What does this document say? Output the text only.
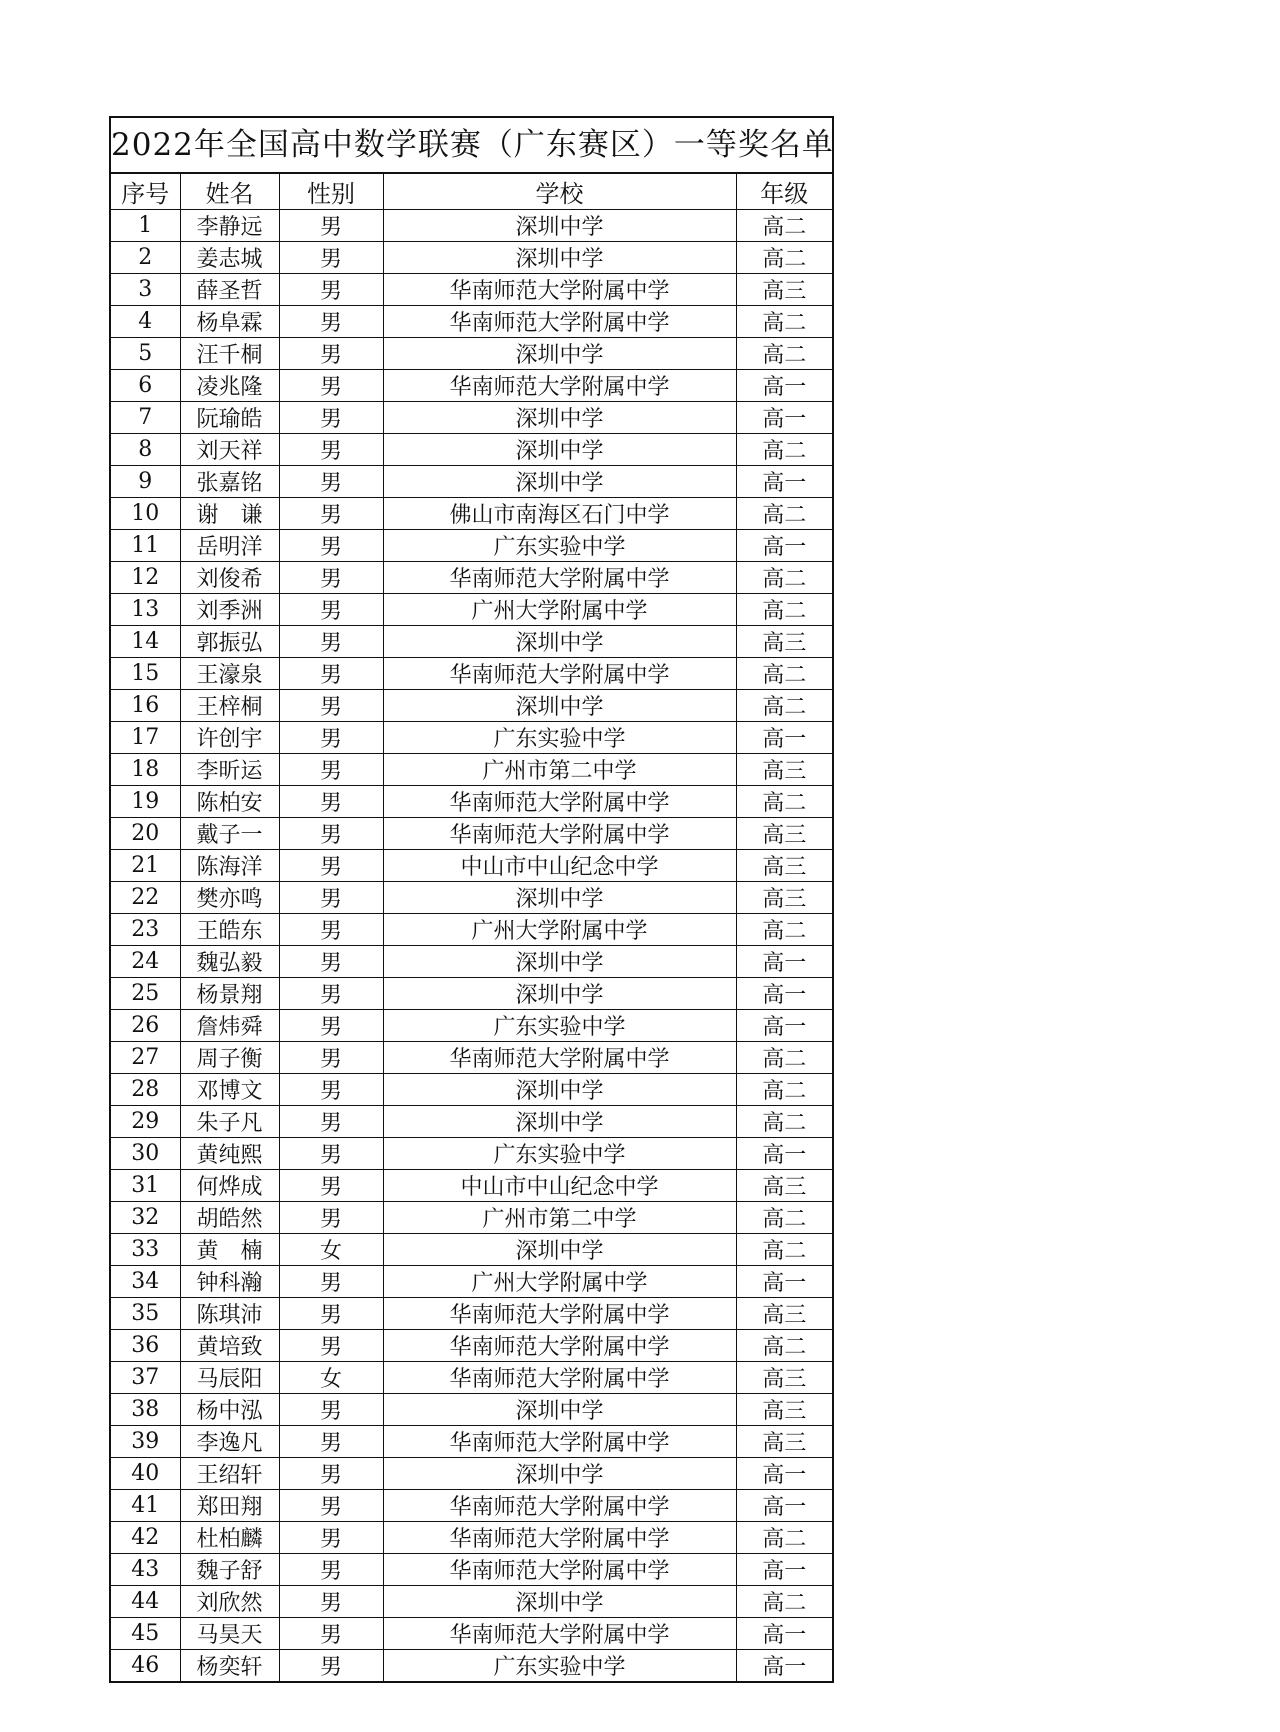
2022年全国高中数学联赛（广东赛区）一等奖名单
序号	姓名	性别	学校	年级
1	李静远	男	深圳中学	高二
2	姜志城	男	深圳中学	高二
3	薛圣哲	男	华南师范大学附属中学	高三
4	杨阜霖	男	华南师范大学附属中学	高二
5	汪千桐	男	深圳中学	高二
6	凌兆隆	男	华南师范大学附属中学	高一
7	阮瑜皓	男	深圳中学	高一
8	刘天祥	男	深圳中学	高二
9	张嘉铭	男	深圳中学	高一
10	谢　谦	男	佛山市南海区石门中学	高二
11	岳明洋	男	广东实验中学	高一
12	刘俊希	男	华南师范大学附属中学	高二
13	刘季洲	男	广州大学附属中学	高二
14	郭振弘	男	深圳中学	高三
15	王濠泉	男	华南师范大学附属中学	高二
16	王梓桐	男	深圳中学	高二
17	许创宇	男	广东实验中学	高一
18	李昕运	男	广州市第二中学	高三
19	陈柏安	男	华南师范大学附属中学	高二
20	戴子一	男	华南师范大学附属中学	高三
21	陈海洋	男	中山市中山纪念中学	高三
22	樊亦鸣	男	深圳中学	高三
23	王皓东	男	广州大学附属中学	高二
24	魏弘毅	男	深圳中学	高一
25	杨景翔	男	深圳中学	高一
26	詹炜舜	男	广东实验中学	高一
27	周子衡	男	华南师范大学附属中学	高二
28	邓博文	男	深圳中学	高二
29	朱子凡	男	深圳中学	高二
30	黄纯熙	男	广东实验中学	高一
31	何烨成	男	中山市中山纪念中学	高三
32	胡皓然	男	广州市第二中学	高二
33	黄　楠	女	深圳中学	高二
34	钟科瀚	男	广州大学附属中学	高一
35	陈琪沛	男	华南师范大学附属中学	高三
36	黄培致	男	华南师范大学附属中学	高二
37	马辰阳	女	华南师范大学附属中学	高三
38	杨中泓	男	深圳中学	高三
39	李逸凡	男	华南师范大学附属中学	高三
40	王绍轩	男	深圳中学	高一
41	郑田翔	男	华南师范大学附属中学	高一
42	杜柏麟	男	华南师范大学附属中学	高二
43	魏子舒	男	华南师范大学附属中学	高一
44	刘欣然	男	深圳中学	高二
45	马昊天	男	华南师范大学附属中学	高一
46	杨奕轩	男	广东实验中学	高一
